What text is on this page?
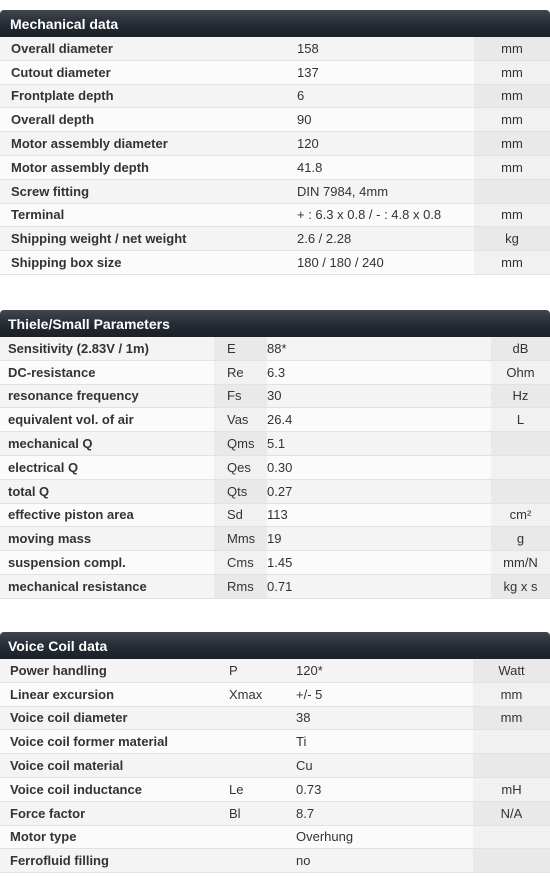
Mechanical data
Overall diameter	158	mm
Cutout diameter	137	mm
Frontplate depth	6	mm
Overall depth	90	mm
Motor assembly diameter	120	mm
Motor assembly depth	41.8	mm
Screw fitting	DIN 7984, 4mm	
Terminal	+ : 6.3 x 0.8 / - : 4.8 x 0.8	mm
Shipping weight / net weight	2.6 / 2.28	kg
Shipping box size	180 / 180 / 240	mm
Thiele/Small Parameters
Sensitivity (2.83V / 1m)	E	88*	dB
DC-resistance	Re	6.3	Ohm
resonance frequency	Fs	30	Hz
equivalent vol. of air	Vas	26.4	L
mechanical Q	Qms	5.1	
electrical Q	Qes	0.30	
total Q	Qts	0.27	
effective piston area	Sd	113	cm²
moving mass	Mms	19	g
suspension compl.	Cms	1.45	mm/N
mechanical resistance	Rms	0.71	kg x s
Voice Coil data
Power handling	P	120*	Watt
Linear excursion	Xmax	+/- 5	mm
Voice coil diameter		38	mm
Voice coil former material		Ti	
Voice coil material		Cu	
Voice coil inductance	Le	0.73	mH
Force factor	Bl	8.7	N/A
Motor type		Overhung	
Ferrofluid filling		no	
